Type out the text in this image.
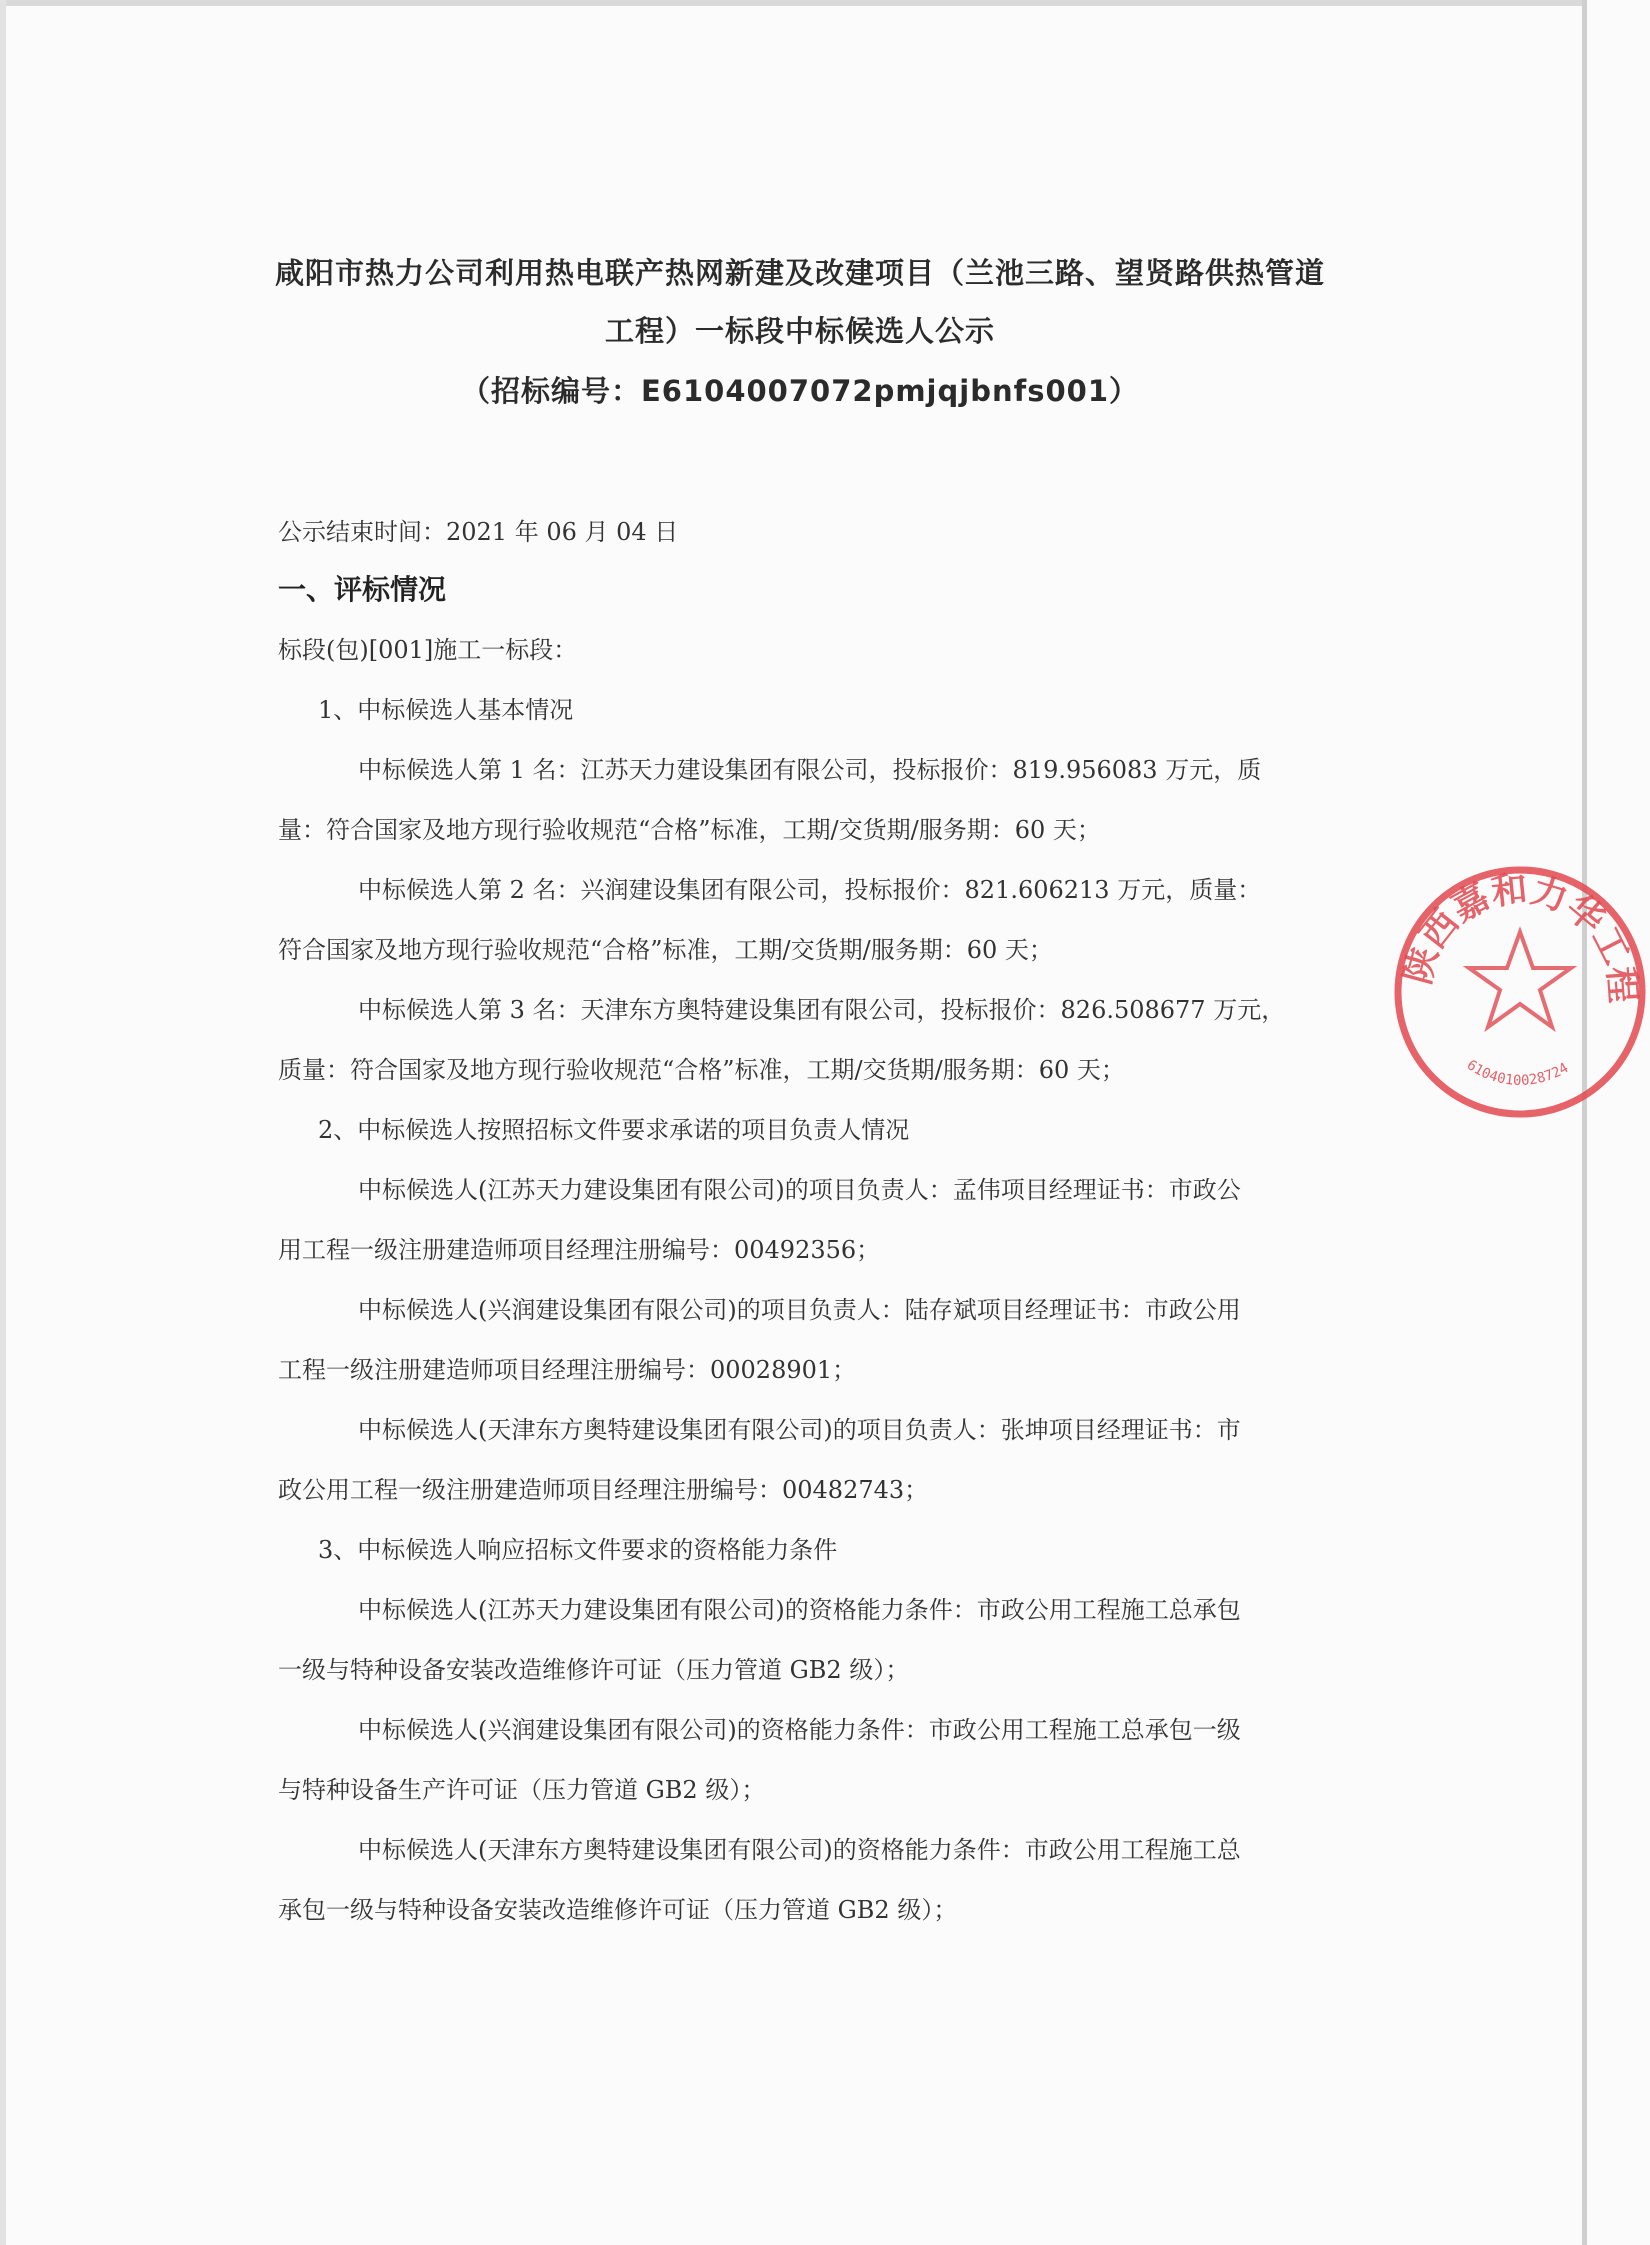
咸阳市热力公司利用热电联产热网新建及改建项目（兰池三路、望贤路供热管道
工程）一标段中标候选人公示
（招标编号：E6104007072pmjqjbnfs001）

公示结束时间：2021 年 06 月 04 日

一、评标情况

标段(包)[001]施工一标段：

1、中标候选人基本情况

中标候选人第 1 名：江苏天力建设集团有限公司，投标报价：819.956083 万元，质

量：符合国家及地方现行验收规范“合格”标准，工期/交货期/服务期：60 天；

中标候选人第 2 名：兴润建设集团有限公司，投标报价：821.606213 万元，质量：

符合国家及地方现行验收规范“合格”标准，工期/交货期/服务期：60 天；

中标候选人第 3 名：天津东方奥特建设集团有限公司，投标报价：826.508677 万元，

质量：符合国家及地方现行验收规范“合格”标准，工期/交货期/服务期：60 天；

2、中标候选人按照招标文件要求承诺的项目负责人情况

中标候选人(江苏天力建设集团有限公司)的项目负责人：孟伟项目经理证书：市政公

用工程一级注册建造师项目经理注册编号：00492356；

中标候选人(兴润建设集团有限公司)的项目负责人：陆存斌项目经理证书：市政公用

工程一级注册建造师项目经理注册编号：00028901；

中标候选人(天津东方奥特建设集团有限公司)的项目负责人：张坤项目经理证书：市

政公用工程一级注册建造师项目经理注册编号：00482743；

3、中标候选人响应招标文件要求的资格能力条件

中标候选人(江苏天力建设集团有限公司)的资格能力条件：市政公用工程施工总承包

一级与特种设备安装改造维修许可证（压力管道 GB2 级）；

中标候选人(兴润建设集团有限公司)的资格能力条件：市政公用工程施工总承包一级

与特种设备生产许可证（压力管道 GB2 级）；

中标候选人(天津东方奥特建设集团有限公司)的资格能力条件：市政公用工程施工总

承包一级与特种设备安装改造维修许可证（压力管道 GB2 级）；

陕西嘉和力华工程
6104010028724
